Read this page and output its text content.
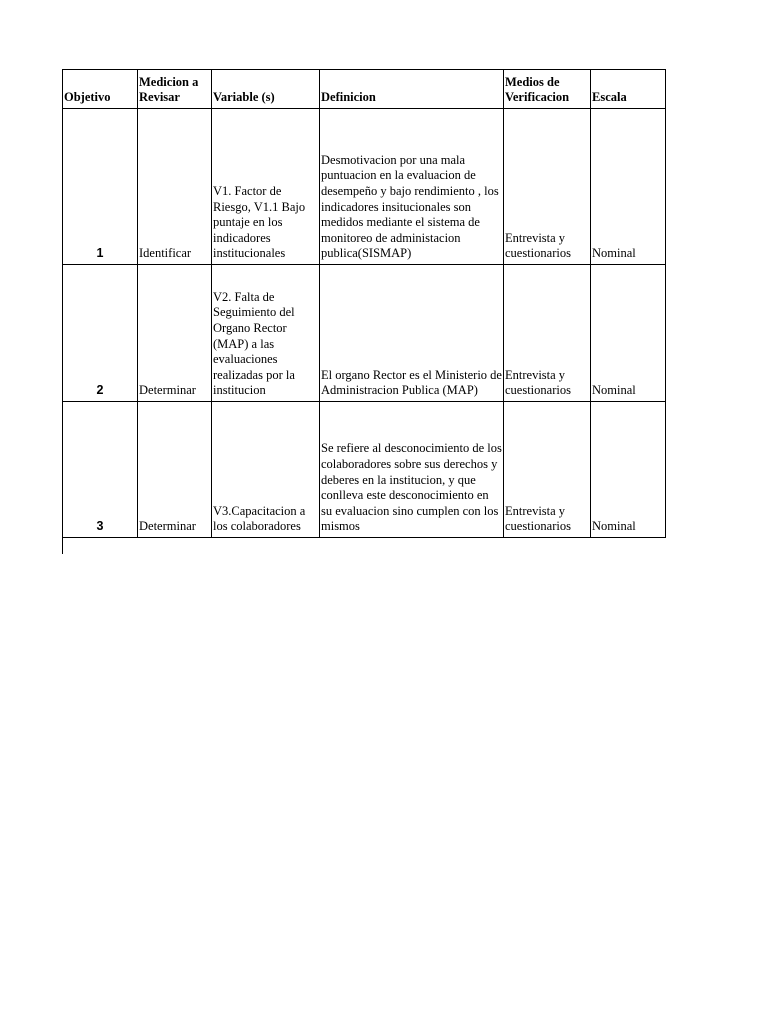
Objetivo	Medicion a Revisar	Variable (s)	Definicion	Medios de Verificacion	Escala
1	Identificar	V1. Factor de Riesgo, V1.1 Bajo puntaje en los indicadores institucionales	Desmotivacion por una mala puntuacion en la evaluacion de desempeño y bajo rendimiento , los indicadores insitucionales son medidos mediante el sistema de monitoreo de administacion publica(SISMAP)	Entrevista y cuestionarios	Nominal
2	Determinar	V2. Falta de Seguimiento del Organo Rector (MAP) a las evaluaciones realizadas por la institucion	El organo Rector es el Ministerio de Administracion Publica (MAP)	Entrevista y cuestionarios	Nominal
3	Determinar	V3.Capacitacion a los colaboradores	Se refiere al desconocimiento de los colaboradores sobre sus derechos y deberes en la institucion, y que conlleva este desconocimiento en su evaluacion sino cumplen con los mismos	Entrevista y cuestionarios	Nominal
